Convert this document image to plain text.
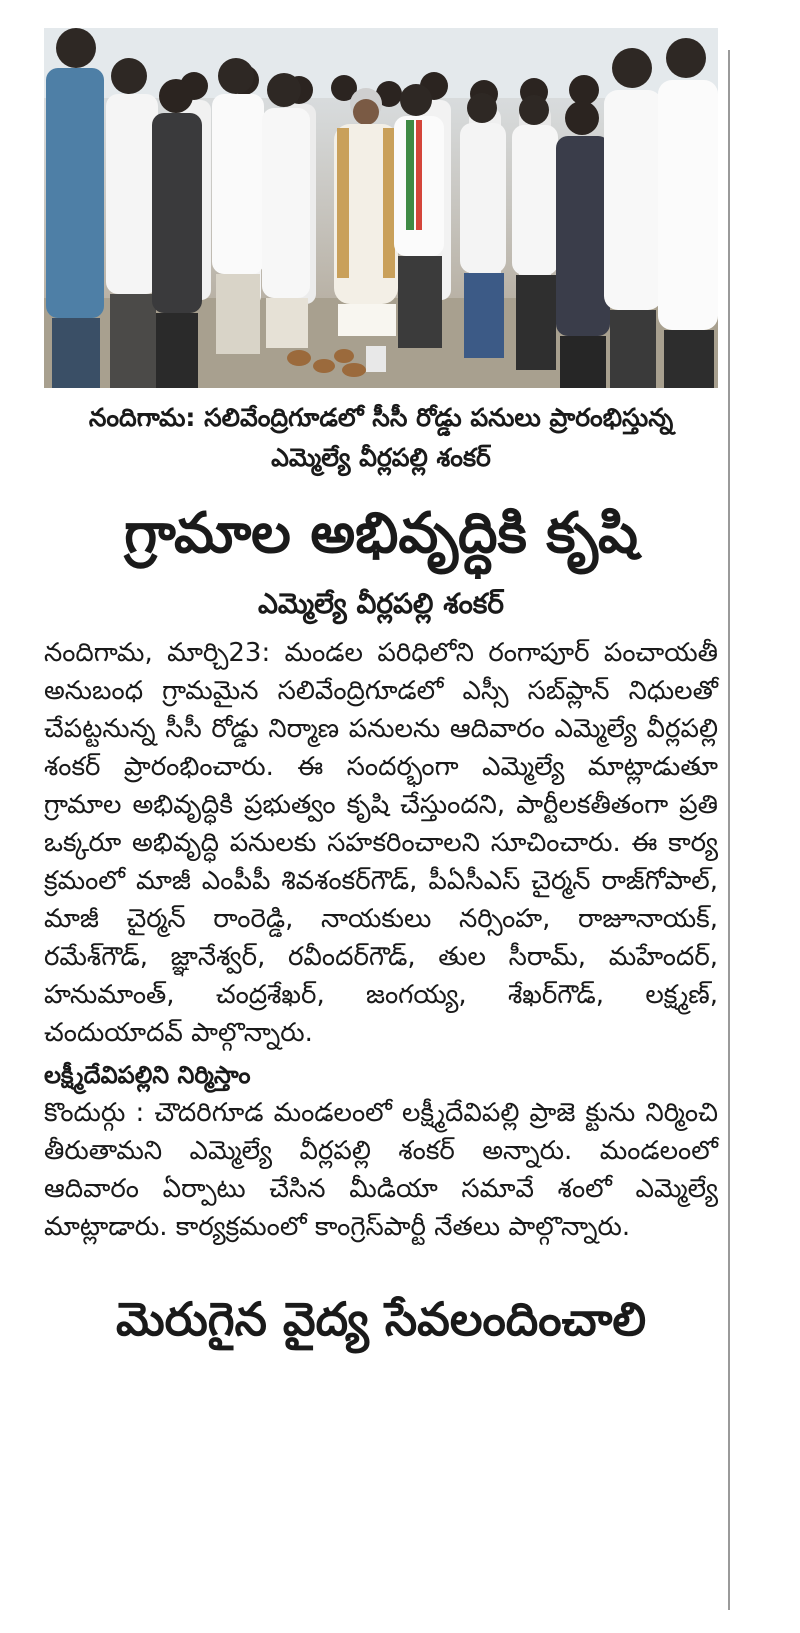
నందిగామ: సలివేంద్రిగూడలో సీసీ రోడ్డు పనులు ప్రారంభిస్తున్న
ఎమ్మెల్యే వీర్లపల్లి శంకర్
గ్రామాల అభివృద్ధికి కృషి
ఎమ్మెల్యే వీర్లపల్లి శంకర్

నందిగామ, మార్చి23: మండల పరిధిలోని రంగాపూర్ పంచాయతీ అనుబంధ గ్రామమైన సలివేంద్రిగూడలో ఎస్సీ సబ్‌ప్లాన్ నిధులతో చేపట్టనున్న సీసీ రోడ్డు నిర్మాణ పనులను ఆదివారం ఎమ్మెల్యే వీర్లపల్లి శంకర్ ప్రారంభించారు. ఈ సందర్భంగా ఎమ్మెల్యే మాట్లాడుతూ గ్రామాల అభివృద్ధికి ప్రభుత్వం కృషి చేస్తుందని, పార్టీలకతీతంగా ప్రతి ఒక్కరూ అభివృద్ధి పనులకు సహకరించాలని సూచించారు. ఈ కార్య క్రమంలో మాజీ ఎంపీపీ శివశంకర్‌గౌడ్, పీఏసీఎస్ చైర్మన్ రాజ్‌గోపాల్, మాజీ చైర్మన్ రాంరెడ్డి, నాయకులు నర్సింహ, రాజూనాయక్, రమేశ్‌గౌడ్, జ్ఞానేశ్వర్, రవీందర్‌గౌడ్, తుల సీరామ్, మహేందర్, హనుమాంత్, చంద్రశేఖర్, జంగయ్య, శేఖర్‌గౌడ్, లక్ష్మణ్, చందుయాదవ్ పాల్గొన్నారు.

లక్ష్మీదేవిపల్లిని నిర్మిస్తాం

కొందుర్గు : చౌదరిగూడ మండలంలో లక్ష్మీదేవిపల్లి ప్రాజె క్టును నిర్మించి తీరుతామని ఎమ్మెల్యే వీర్లపల్లి శంకర్ అన్నారు. మండలంలో ఆదివారం ఏర్పాటు చేసిన మీడియా సమావే శంలో ఎమ్మెల్యే మాట్లాడారు. కార్యక్రమంలో కాంగ్రెస్‌పార్టీ నేతలు పాల్గొన్నారు.

మెరుగైన వైద్య సేవలందించాలి
